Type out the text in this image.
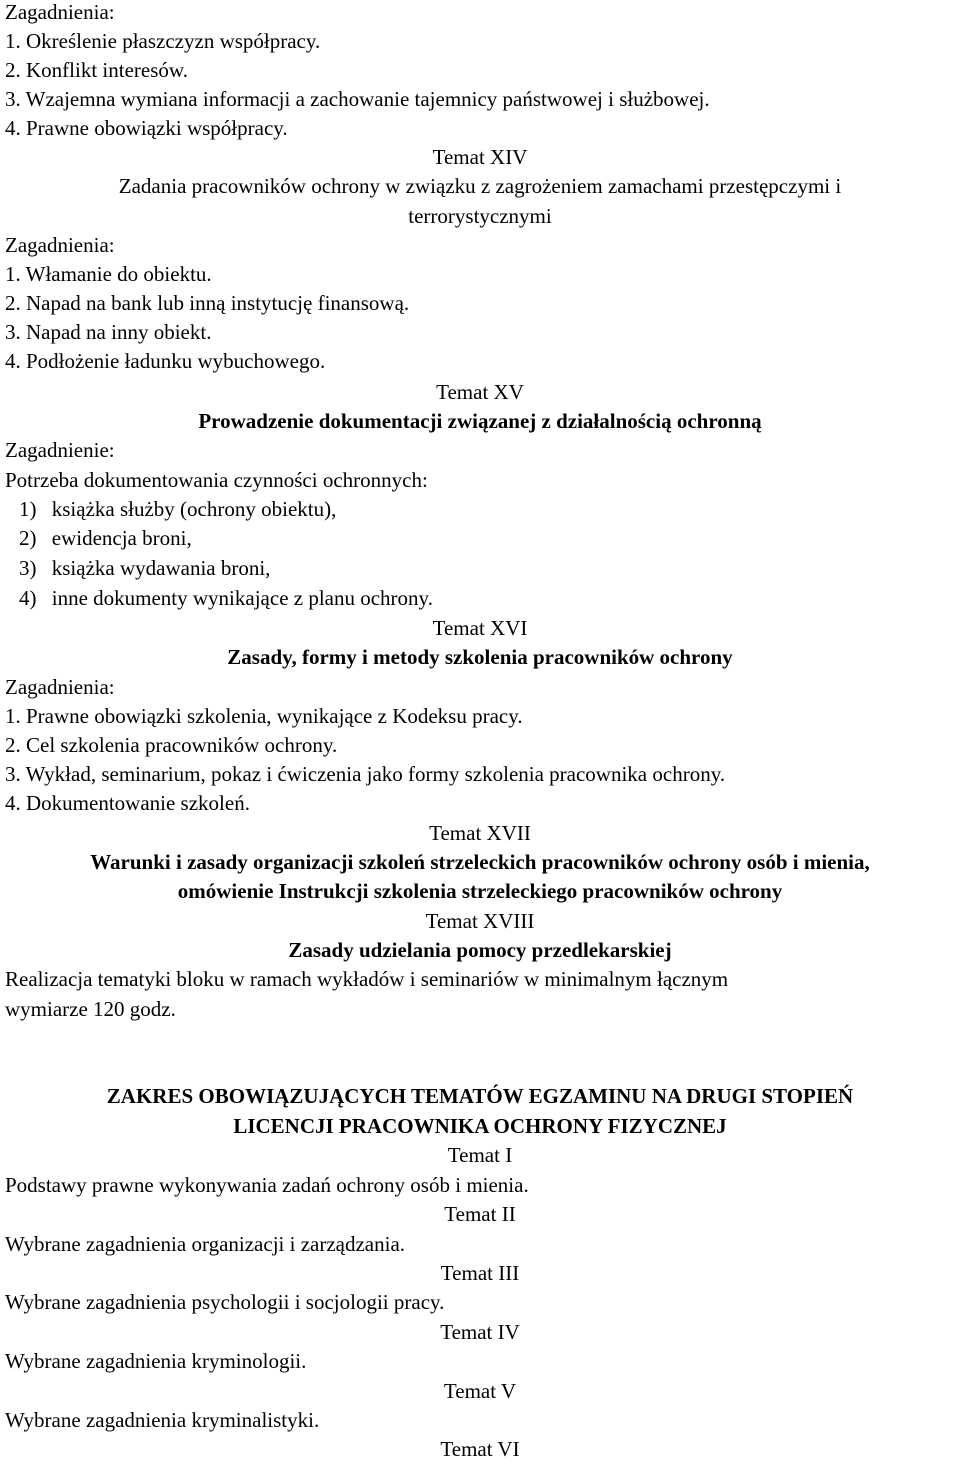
Zagadnienia:
1. Określenie płaszczyzn współpracy.
2. Konflikt interesów.
3. Wzajemna wymiana informacji a zachowanie tajemnicy państwowej i służbowej.
4. Prawne obowiązki współpracy.
Temat XIV
Zadania pracowników ochrony w związku z zagrożeniem zamachami przestępczymi i
terrorystycznymi
Zagadnienia:
1. Włamanie do obiektu.
2. Napad na bank lub inną instytucję finansową.
3. Napad na inny obiekt.
4. Podłożenie ładunku wybuchowego.
Temat XV
Prowadzenie dokumentacji związanej z działalnością ochronną
Zagadnienie:
Potrzeba dokumentowania czynności ochronnych:
1) książka służby (ochrony obiektu),
2) ewidencja broni,
3) książka wydawania broni,
4) inne dokumenty wynikające z planu ochrony.
Temat XVI
Zasady, formy i metody szkolenia pracowników ochrony
Zagadnienia:
1. Prawne obowiązki szkolenia, wynikające z Kodeksu pracy.
2. Cel szkolenia pracowników ochrony.
3. Wykład, seminarium, pokaz i ćwiczenia jako formy szkolenia pracownika ochrony.
4. Dokumentowanie szkoleń.
Temat XVII
Warunki i zasady organizacji szkoleń strzeleckich pracowników ochrony osób i mienia,
omówienie Instrukcji szkolenia strzeleckiego pracowników ochrony
Temat XVIII
Zasady udzielania pomocy przedlekarskiej
Realizacja tematyki bloku w ramach wykładów i seminariów w minimalnym łącznym
wymiarze 120 godz.
ZAKRES OBOWIĄZUJĄCYCH TEMATÓW EGZAMINU NA DRUGI STOPIEŃ
LICENCJI PRACOWNIKA OCHRONY FIZYCZNEJ
Temat I
Podstawy prawne wykonywania zadań ochrony osób i mienia.
Temat II
Wybrane zagadnienia organizacji i zarządzania.
Temat III
Wybrane zagadnienia psychologii i socjologii pracy.
Temat IV
Wybrane zagadnienia kryminologii.
Temat V
Wybrane zagadnienia kryminalistyki.
Temat VI
